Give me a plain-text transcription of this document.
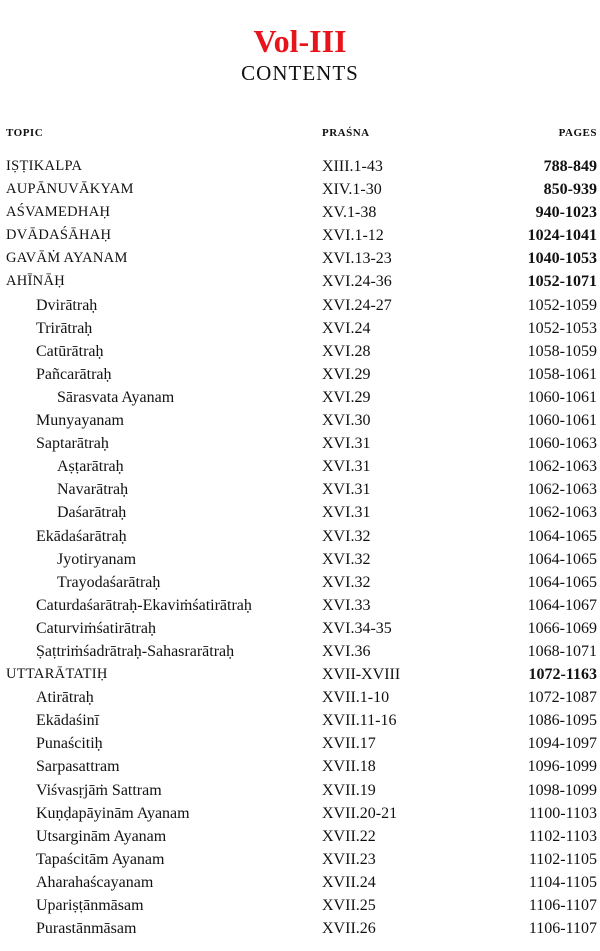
Vol-III
CONTENTS
TOPIC	PRAŚNA	PAGES
IṢṬIKALPA	XIII.1-43	788-849
AUPĀNUVĀKYAM	XIV.1-30	850-939
AŚVAMEDHAḤ	XV.1-38	940-1023
DVĀDAŚĀHAḤ	XVI.1-12	1024-1041
GAVĀṀ AYANAM	XVI.13-23	1040-1053
AHĪNĀḤ	XVI.24-36	1052-1071
Dvirātraḥ	XVI.24-27	1052-1059
Trirātraḥ	XVI.24	1052-1053
Catūrātraḥ	XVI.28	1058-1059
Pañcarātraḥ	XVI.29	1058-1061
Sārasvata Ayanam	XVI.29	1060-1061
Munyayanam	XVI.30	1060-1061
Saptarātraḥ	XVI.31	1060-1063
Aṣṭarātraḥ	XVI.31	1062-1063
Navarātraḥ	XVI.31	1062-1063
Daśarātraḥ	XVI.31	1062-1063
Ekādaśarātraḥ	XVI.32	1064-1065
Jyotiryanam	XVI.32	1064-1065
Trayodaśarātraḥ	XVI.32	1064-1065
Caturdaśarātraḥ-Ekaviṁśatirātraḥ	XVI.33	1064-1067
Caturviṁśatirātraḥ	XVI.34-35	1066-1069
Ṣaṭtriṁśadrātraḥ-Sahasrarātraḥ	XVI.36	1068-1071
UTTARĀTATIḤ	XVII-XVIII	1072-1163
Atirātraḥ	XVII.1-10	1072-1087
Ekādaśinī	XVII.11-16	1086-1095
Punaścitiḥ	XVII.17	1094-1097
Sarpasattram	XVII.18	1096-1099
Viśvasṛjāṁ Sattram	XVII.19	1098-1099
Kuṇḍapāyinām Ayanam	XVII.20-21	1100-1103
Utsarginām Ayanam	XVII.22	1102-1103
Tapaścitām Ayanam	XVII.23	1102-1105
Aharahaścayanam	XVII.24	1104-1105
Upariṣṭānmāsam	XVII.25	1106-1107
Purastānmāsam	XVII.26	1106-1107
